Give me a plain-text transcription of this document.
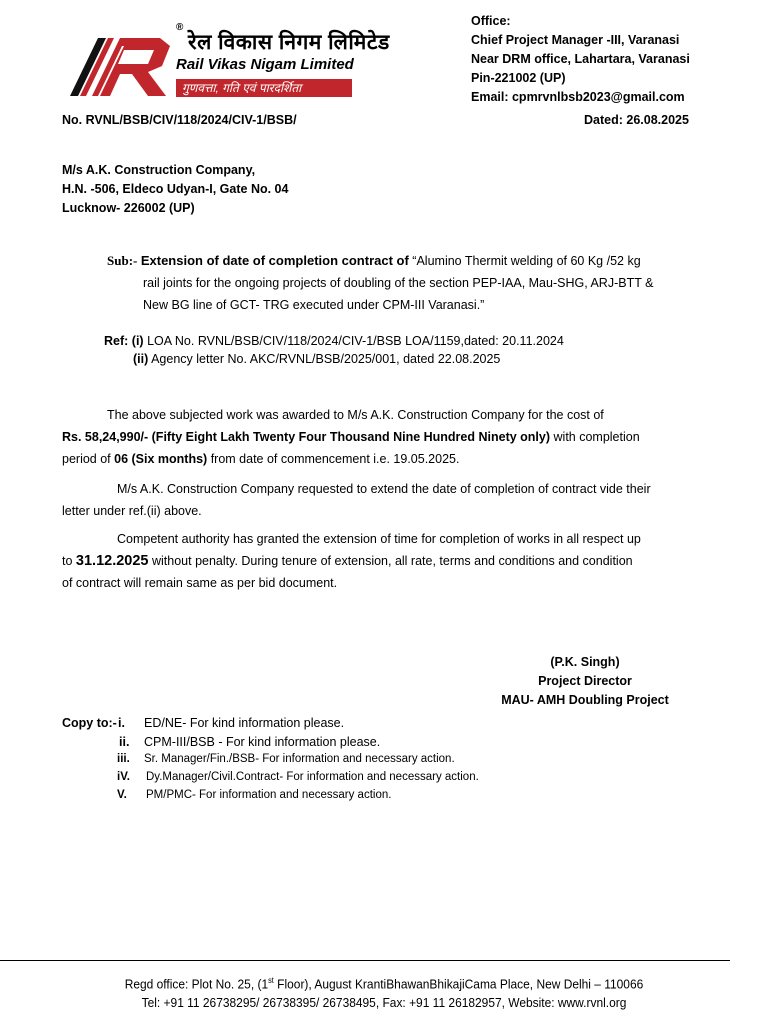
®
रेल विकास निगम लिमिटेड
Rail Vikas Nigam Limited
गुणवत्ता, गति एवं पारदर्शिता
Office:
Chief Project Manager -III, Varanasi
Near DRM office, Lahartara, Varanasi
Pin-221002 (UP)
Email: cpmrvnlbsb2023@gmail.com
No. RVNL/BSB/CIV/118/2024/CIV-1/BSB/	Dated: 26.08.2025
M/s A.K. Construction Company,
H.N. -506, Eldeco Udyan-I, Gate No. 04
Lucknow- 226002 (UP)
Sub:- Extension of date of completion contract of “Alumino Thermit welding of 60 Kg /52 kg
rail joints for the ongoing projects of doubling of the section PEP-IAA, Mau-SHG, ARJ-BTT &
New BG line of GCT- TRG executed under CPM-III Varanasi.”
Ref: (i) LOA No. RVNL/BSB/CIV/118/2024/CIV-1/BSB LOA/1159,dated: 20.11.2024
(ii) Agency letter No. AKC/RVNL/BSB/2025/001, dated 22.08.2025
The above subjected work was awarded to M/s A.K. Construction Company for the cost of
Rs. 58,24,990/- (Fifty Eight Lakh Twenty Four Thousand Nine Hundred Ninety only) with completion
period of 06 (Six months) from date of commencement i.e. 19.05.2025.
M/s A.K. Construction Company requested to extend the date of completion of contract vide their
letter under ref.(ii) above.
Competent authority has granted the extension of time for completion of works in all respect up
to 31.12.2025 without penalty. During tenure of extension, all rate, terms and conditions and condition
of contract will remain same as per bid document.
(P.K. Singh)
Project Director
MAU- AMH Doubling Project
Copy to:- i. ED/NE- For kind information please.
ii. CPM-III/BSB - For kind information please.
iii. Sr. Manager/Fin./BSB- For information and necessary action.
iV. Dy.Manager/Civil.Contract- For information and necessary action.
V. PM/PMC- For information and necessary action.
Regd office: Plot No. 25, (1st Floor), August KrantiBhawanBhikajiCama Place, New Delhi – 110066
Tel: +91 11 26738295/ 26738395/ 26738495, Fax: +91 11 26182957, Website: www.rvnl.org
